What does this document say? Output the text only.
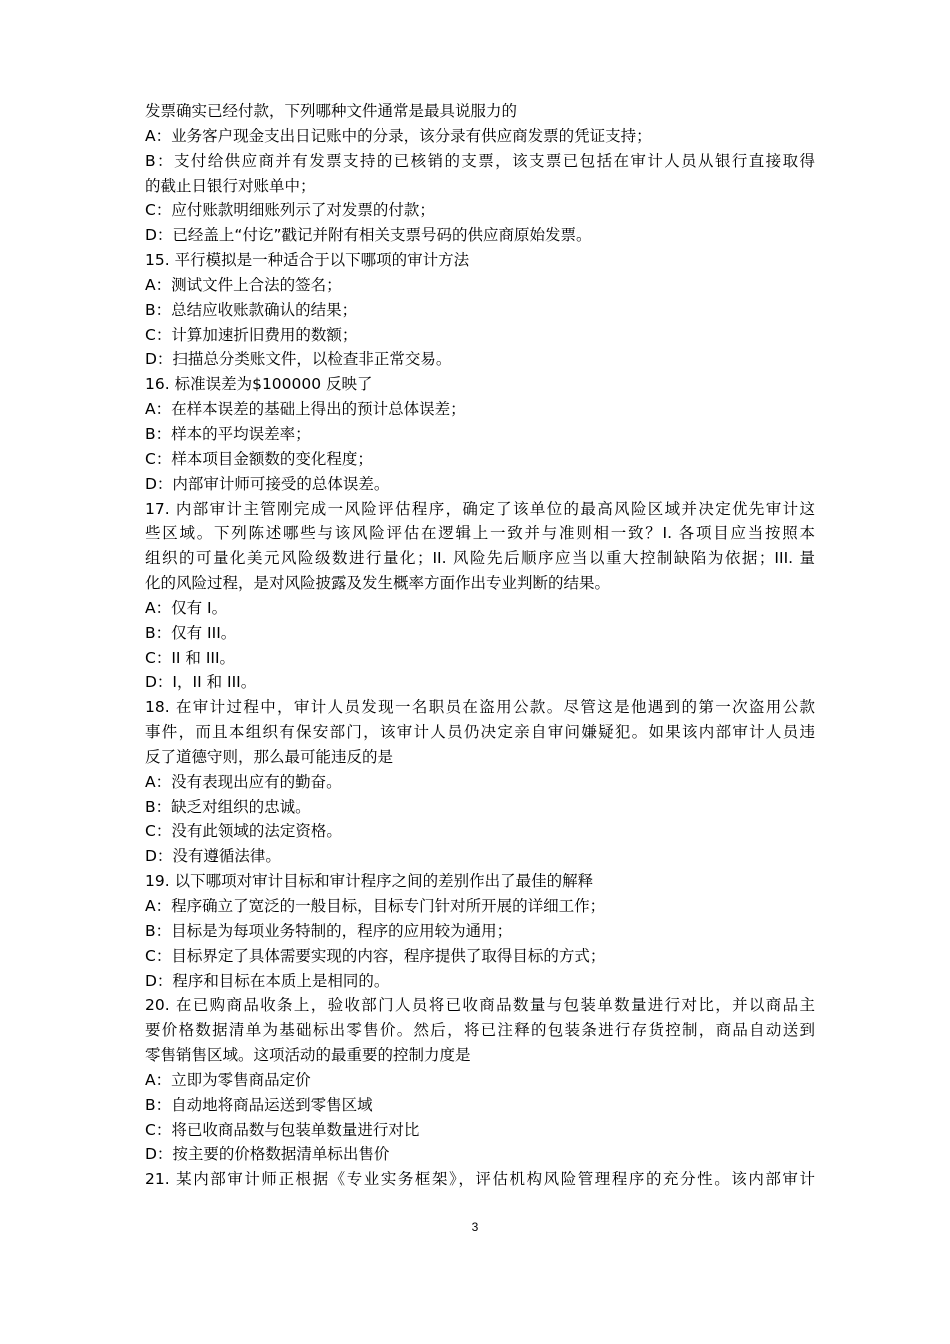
发票确实已经付款，下列哪种文件通常是最具说服力的
A：业务客户现金支出日记账中的分录，该分录有供应商发票的凭证支持；
B：支付给供应商并有发票支持的已核销的支票，该支票已包括在审计人员从银行直接取得
的截止日银行对账单中；
C：应付账款明细账列示了对发票的付款；
D：已经盖上“付讫”戳记并附有相关支票号码的供应商原始发票。
15. 平行模拟是一种适合于以下哪项的审计方法
A：测试文件上合法的签名；
B：总结应收账款确认的结果；
C：计算加速折旧费用的数额；
D：扫描总分类账文件，以检查非正常交易。
16. 标准误差为$100000 反映了
A：在样本误差的基础上得出的预计总体误差；
B：样本的平均误差率；
C：样本项目金额数的变化程度；
D：内部审计师可接受的总体误差。
17. 内部审计主管刚完成一风险评估程序，确定了该单位的最高风险区域并决定优先审计这
些区域。下列陈述哪些与该风险评估在逻辑上一致并与准则相一致？I. 各项目应当按照本
组织的可量化美元风险级数进行量化；II. 风险先后顺序应当以重大控制缺陷为依据；III. 量
化的风险过程，是对风险披露及发生概率方面作出专业判断的结果。
A：仅有 I。
B：仅有 III。
C：II 和 III。
D：I，II 和 III。
18. 在审计过程中，审计人员发现一名职员在盗用公款。尽管这是他遇到的第一次盗用公款
事件，而且本组织有保安部门，该审计人员仍决定亲自审问嫌疑犯。如果该内部审计人员违
反了道德守则，那么最可能违反的是
A：没有表现出应有的勤奋。
B：缺乏对组织的忠诚。
C：没有此领域的法定资格。
D：没有遵循法律。
19. 以下哪项对审计目标和审计程序之间的差别作出了最佳的解释
A：程序确立了宽泛的一般目标，目标专门针对所开展的详细工作；
B：目标是为每项业务特制的，程序的应用较为通用；
C：目标界定了具体需要实现的内容，程序提供了取得目标的方式；
D：程序和目标在本质上是相同的。
20. 在已购商品收条上，验收部门人员将已收商品数量与包装单数量进行对比，并以商品主
要价格数据清单为基础标出零售价。然后，将已注释的包装条进行存货控制，商品自动送到
零售销售区域。这项活动的最重要的控制力度是
A：立即为零售商品定价
B：自动地将商品运送到零售区域
C：将已收商品数与包装单数量进行对比
D：按主要的价格数据清单标出售价
21. 某内部审计师正根据《专业实务框架》，评估机构风险管理程序的充分性。该内部审计
3
